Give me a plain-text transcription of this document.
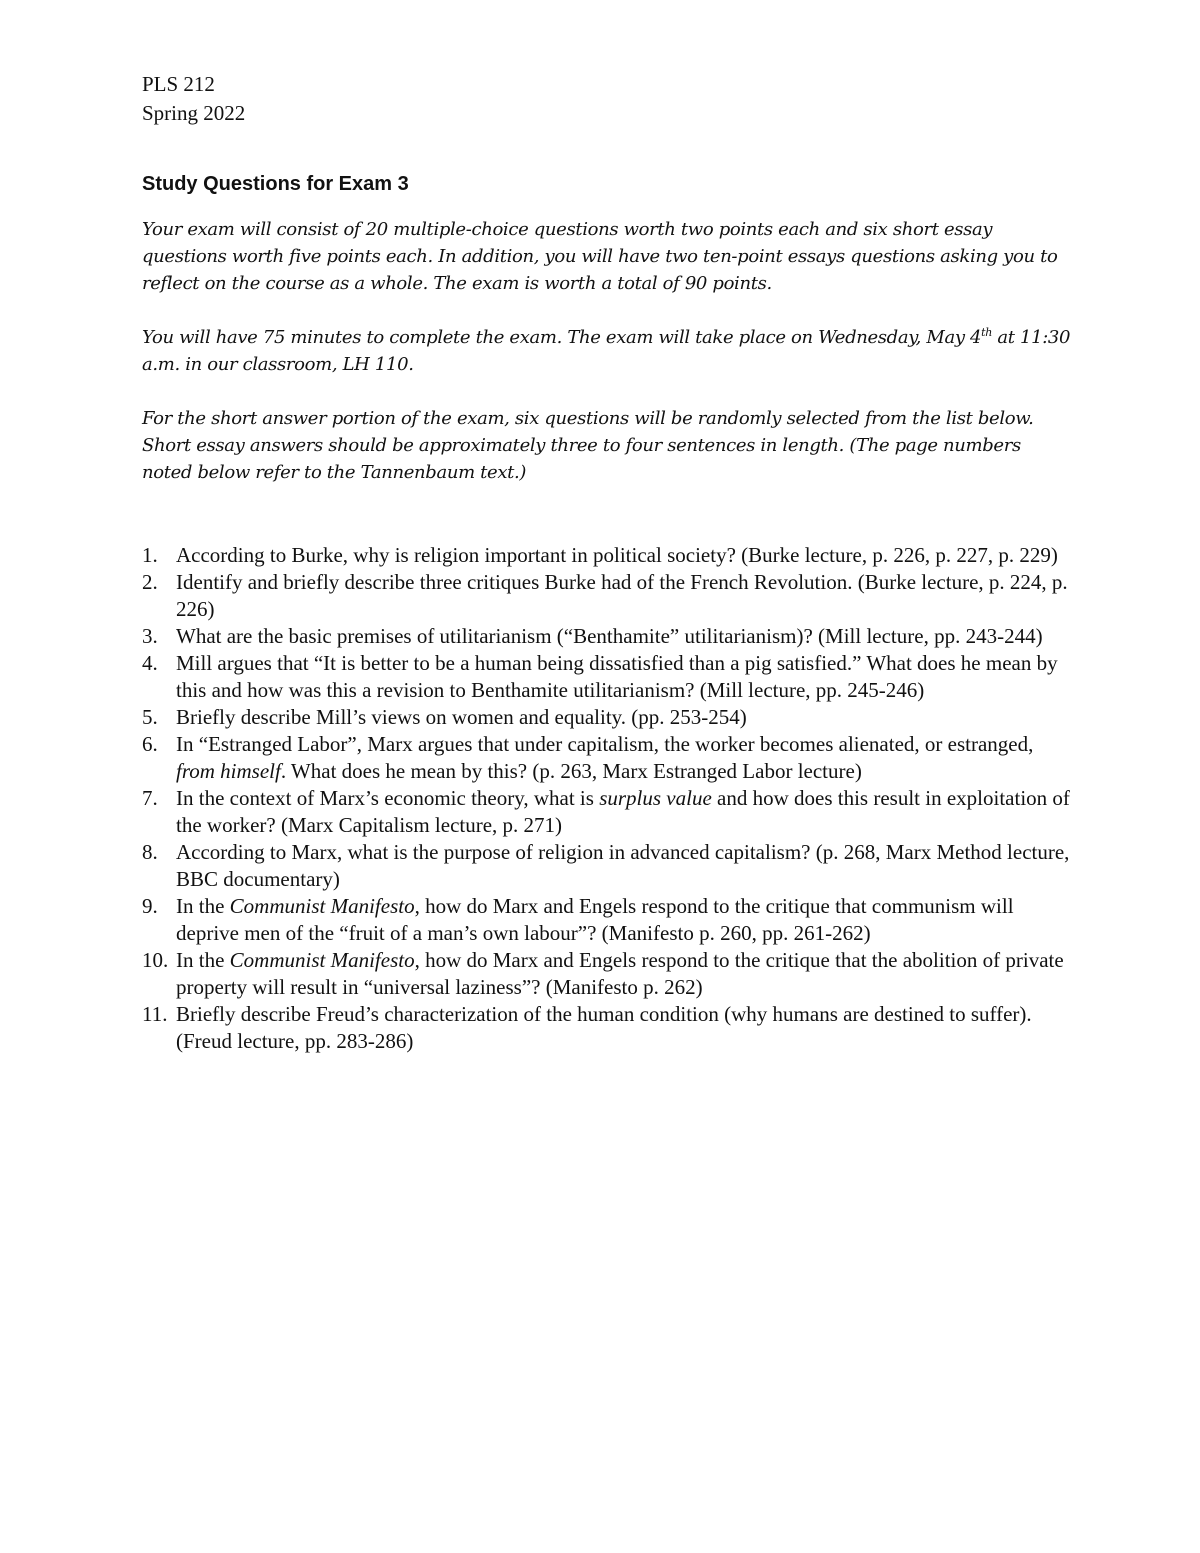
PLS 212
Spring 2022
Study Questions for Exam 3

Your exam will consist of 20 multiple-choice questions worth two points each and six short essay questions worth five points each. In addition, you will have two ten-point essays questions asking you to reflect on the course as a whole. The exam is worth a total of 90 points.

You will have 75 minutes to complete the exam. The exam will take place on Wednesday, May 4th at 11:30 a.m. in our classroom, LH 110.

For the short answer portion of the exam, six questions will be randomly selected from the list below. Short essay answers should be approximately three to four sentences in length. (The page numbers noted below refer to the Tannenbaum text.)

1. According to Burke, why is religion important in political society? (Burke lecture, p. 226, p. 227, p. 229)
2. Identify and briefly describe three critiques Burke had of the French Revolution. (Burke lecture, p. 224, p. 226)
3. What are the basic premises of utilitarianism (“Benthamite” utilitarianism)? (Mill lecture, pp. 243-244)
4. Mill argues that “It is better to be a human being dissatisfied than a pig satisfied.” What does he mean by this and how was this a revision to Benthamite utilitarianism? (Mill lecture, pp. 245-246)
5. Briefly describe Mill’s views on women and equality. (pp. 253-254)
6. In “Estranged Labor”, Marx argues that under capitalism, the worker becomes alienated, or estranged, from himself. What does he mean by this? (p. 263, Marx Estranged Labor lecture)
7. In the context of Marx’s economic theory, what is surplus value and how does this result in exploitation of the worker? (Marx Capitalism lecture, p. 271)
8. According to Marx, what is the purpose of religion in advanced capitalism? (p. 268, Marx Method lecture, BBC documentary)
9. In the Communist Manifesto, how do Marx and Engels respond to the critique that communism will deprive men of the “fruit of a man’s own labour”? (Manifesto p. 260, pp. 261-262)
10. In the Communist Manifesto, how do Marx and Engels respond to the critique that the abolition of private property will result in “universal laziness”? (Manifesto p. 262)
11. Briefly describe Freud’s characterization of the human condition (why humans are destined to suffer). (Freud lecture, pp. 283-286)
